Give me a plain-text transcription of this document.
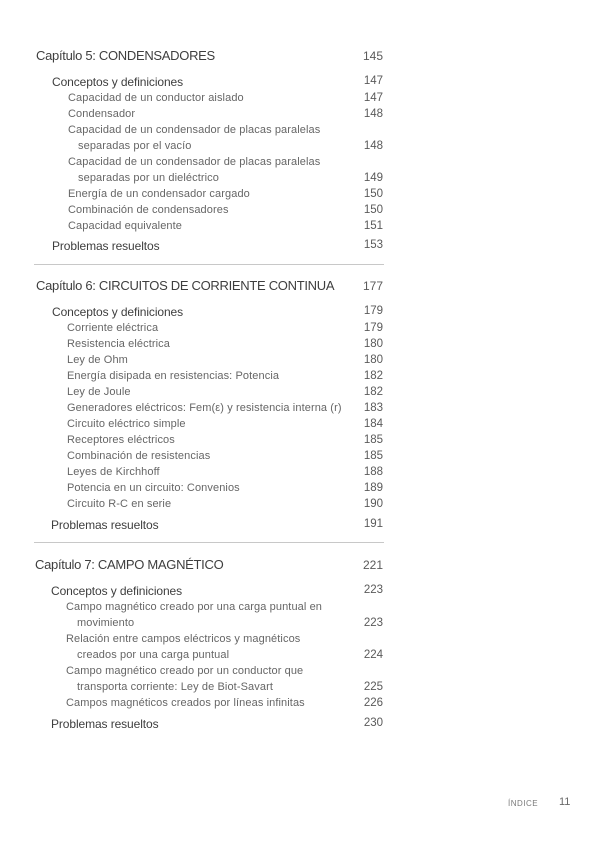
Capítulo 5: CONDENSADORES	145
Conceptos y definiciones	147
Capacidad de un conductor aislado	147
Condensador	148
Capacidad de un condensador de placas paralelas
separadas por el vacío	148
Capacidad de un condensador de placas paralelas
separadas por un dieléctrico	149
Energía de un condensador cargado	150
Combinación de condensadores	150
Capacidad equivalente	151
Problemas resueltos	153
Capítulo 6: CIRCUITOS DE CORRIENTE CONTINUA	177
Conceptos y definiciones	179
Corriente eléctrica	179
Resistencia eléctrica	180
Ley de Ohm	180
Energía disipada en resistencias: Potencia	182
Ley de Joule	182
Generadores eléctricos: Fem(ε) y resistencia interna (r)	183
Circuito eléctrico simple	184
Receptores eléctricos	185
Combinación de resistencias	185
Leyes de Kirchhoff	188
Potencia en un circuito: Convenios	189
Circuito R-C en serie	190
Problemas resueltos	191
Capítulo 7: CAMPO MAGNÉTICO	221
Conceptos y definiciones	223
Campo magnético creado por una carga puntual en
movimiento	223
Relación entre campos eléctricos y magnéticos
creados por una carga puntual	224
Campo magnético creado por un conductor que
transporta corriente: Ley de Biot-Savart	225
Campos magnéticos creados por líneas infinitas	226
Problemas resueltos	230
ÍNDICE 11
